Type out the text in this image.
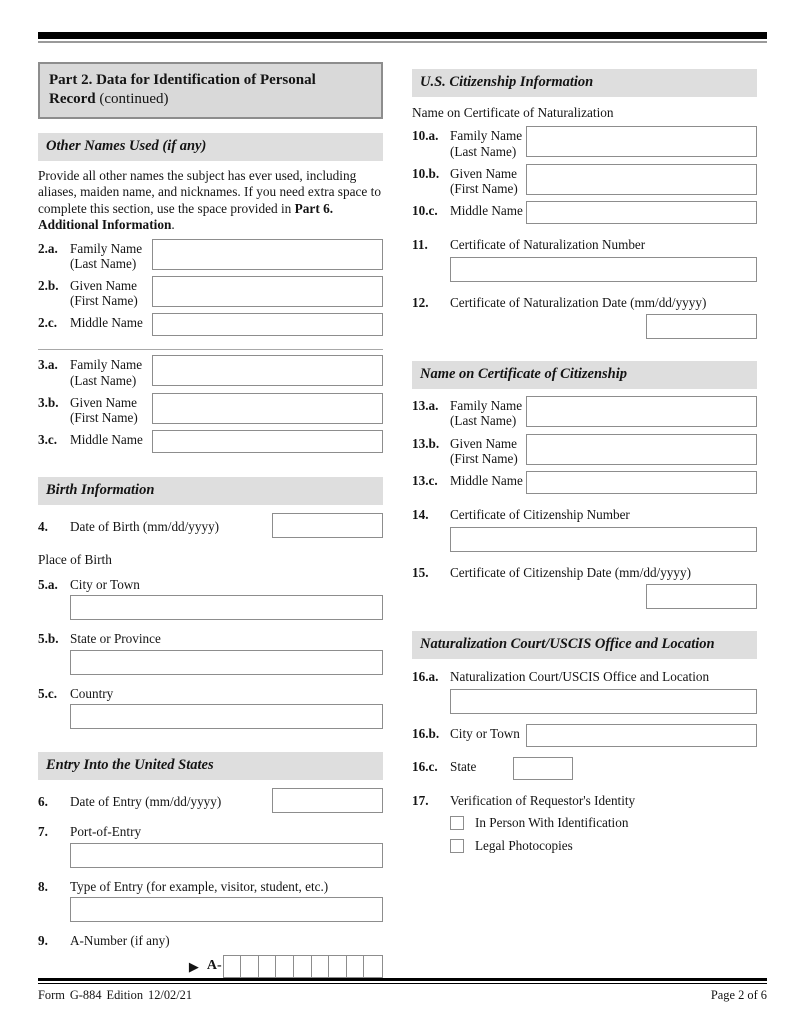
Part 2. Data for Identification of Personal
Record (continued)
Other Names Used (if any)
Provide all other names the subject has ever used, including aliases, maiden name, and nicknames. If you need extra space to complete this section, use the space provided in Part 6. Additional Information.
2.a. Family Name
(Last Name)
2.b. Given Name
(First Name)
2.c. Middle Name
3.a. Family Name
(Last Name)
3.b. Given Name
(First Name)
3.c. Middle Name
Birth Information
4.	Date of Birth (mm/dd/yyyy)
Place of Birth
5.a. City or Town
5.b. State or Province
5.c. Country
Entry Into the United States
6.	Date of Entry (mm/dd/yyyy)
7.	Port-of-Entry
8.	Type of Entry (for example, visitor, student, etc.)
9.	A-Number (if any)
▶ A-
U.S. Citizenship Information
Name on Certificate of Naturalization
10.a. Family Name
(Last Name)
10.b. Given Name
(First Name)
10.c. Middle Name
11.	Certificate of Naturalization Number
12.	Certificate of Naturalization Date (mm/dd/yyyy)
Name on Certificate of Citizenship
13.a. Family Name
(Last Name)
13.b. Given Name
(First Name)
13.c. Middle Name
14.	Certificate of Citizenship Number
15.	Certificate of Citizenship Date (mm/dd/yyyy)
Naturalization Court/USCIS Office and Location
16.a. Naturalization Court/USCIS Office and Location
16.b. City or Town
16.c. State
17.	Verification of Requestor's Identity
In Person With Identification
Legal Photocopies
Form G-884 Edition 12/02/21	Page 2 of 6
